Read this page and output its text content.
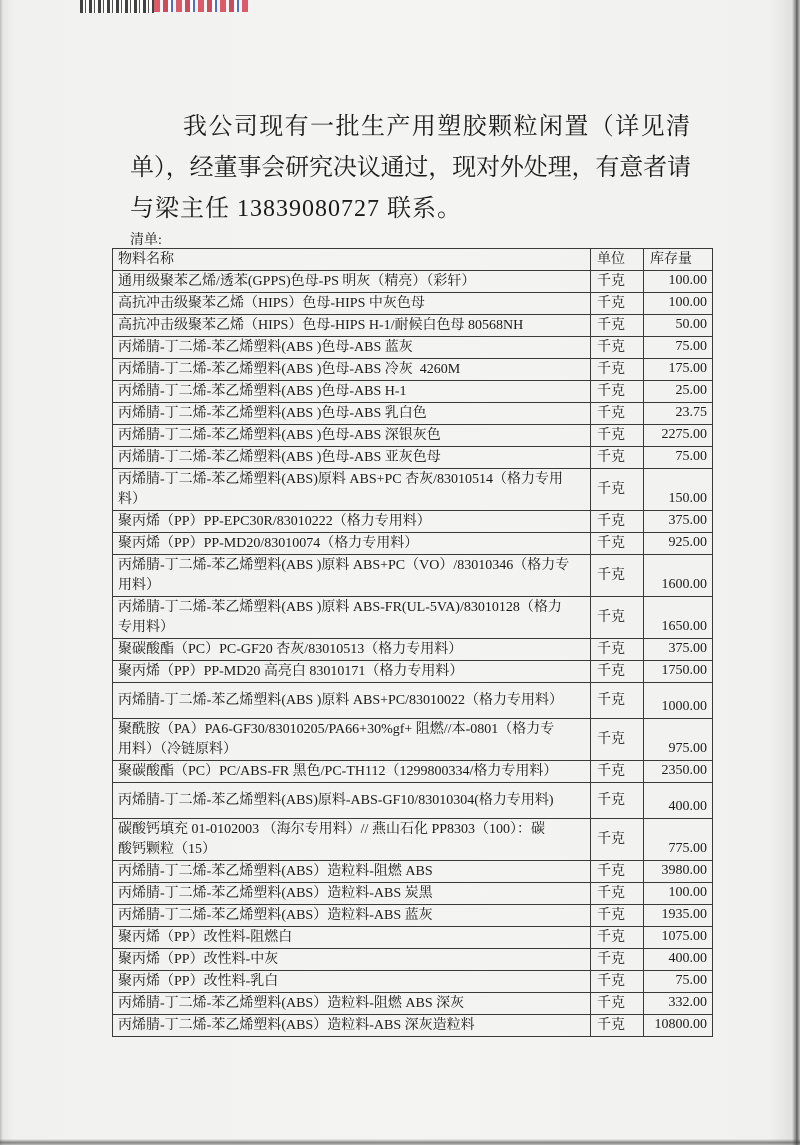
我公司现有一批生产用塑胶颗粒闲置（详见清
单），经董事会研究决议通过，现对外处理，有意者请
与梁主任 13839080727 联系。
清单:
物料名称	单位	库存量
通用级聚苯乙烯/透苯(GPPS)色母-PS 明灰（精亮）（彩轩）	千克	100.00
高抗冲击级聚苯乙烯（HIPS）色母-HIPS 中灰色母	千克	100.00
高抗冲击级聚苯乙烯（HIPS）色母-HIPS H-1/耐候白色母 80568NH	千克	50.00
丙烯腈-丁二烯-苯乙烯塑料(ABS )色母-ABS 蓝灰	千克	75.00
丙烯腈-丁二烯-苯乙烯塑料(ABS )色母-ABS 冷灰  4260M	千克	175.00
丙烯腈-丁二烯-苯乙烯塑料(ABS )色母-ABS H-1	千克	25.00
丙烯腈-丁二烯-苯乙烯塑料(ABS )色母-ABS 乳白色	千克	23.75
丙烯腈-丁二烯-苯乙烯塑料(ABS )色母-ABS 深银灰色	千克	2275.00
丙烯腈-丁二烯-苯乙烯塑料(ABS )色母-ABS 亚灰色母	千克	75.00
丙烯腈-丁二烯-苯乙烯塑料(ABS)原料 ABS+PC 杏灰/83010514（格力专用
料）	千克	150.00
聚丙烯（PP）PP-EPC30R/83010222（格力专用料）	千克	375.00
聚丙烯（PP）PP-MD20/83010074（格力专用料）	千克	925.00
丙烯腈-丁二烯-苯乙烯塑料(ABS )原料 ABS+PC（VO）/83010346（格力专
用料）	千克	1600.00
丙烯腈-丁二烯-苯乙烯塑料(ABS )原料 ABS-FR(UL-5VA)/83010128（格力
专用料）	千克	1650.00
聚碳酸酯（PC）PC-GF20 杏灰/83010513（格力专用料）	千克	375.00
聚丙烯（PP）PP-MD20 高亮白 83010171（格力专用料）	千克	1750.00
丙烯腈-丁二烯-苯乙烯塑料(ABS )原料 ABS+PC/83010022（格力专用料）	千克	1000.00
聚酰胺（PA）PA6-GF30/83010205/PA66+30%gf+ 阻燃//本-0801（格力专
用料）（冷链原料）	千克	975.00
聚碳酸酯（PC）PC/ABS-FR 黑色/PC-TH112（1299800334/格力专用料）	千克	2350.00
丙烯腈-丁二烯-苯乙烯塑料(ABS)原料-ABS-GF10/83010304(格力专用料)	千克	400.00
碳酸钙填充 01-0102003 （海尔专用料）// 燕山石化 PP8303（100）：碳
酸钙颗粒（15）	千克	775.00
丙烯腈-丁二烯-苯乙烯塑料(ABS）造粒料-阻燃 ABS	千克	3980.00
丙烯腈-丁二烯-苯乙烯塑料(ABS）造粒料-ABS 炭黑	千克	100.00
丙烯腈-丁二烯-苯乙烯塑料(ABS）造粒料-ABS 蓝灰	千克	1935.00
聚丙烯（PP）改性料-阻燃白	千克	1075.00
聚丙烯（PP）改性料-中灰	千克	400.00
聚丙烯（PP）改性料-乳白	千克	75.00
丙烯腈-丁二烯-苯乙烯塑料(ABS）造粒料-阻燃 ABS 深灰	千克	332.00
丙烯腈-丁二烯-苯乙烯塑料(ABS）造粒料-ABS 深灰造粒料	千克	10800.00
